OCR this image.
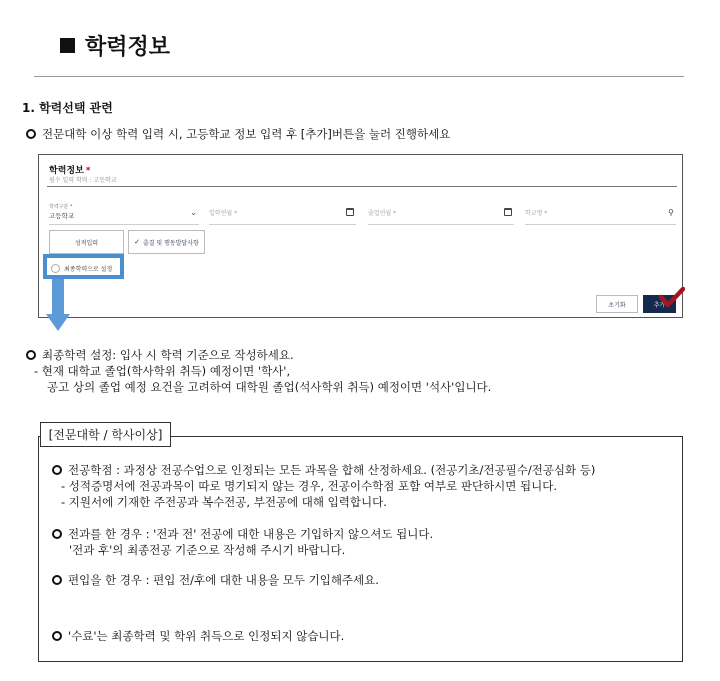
학력정보
1. 학력선택 관련
전문대학 이상 학력 입력 시, 고등학교 정보 입력 후 [추가]버튼을 눌러 진행하세요
학력정보 *
필수 입력 학력 : 고등학교
학력구분 *
고등학교	⌄ 입학연월 *	졸업연월 *	학교명 *	⚲
성적입력	✓ 출결 및 행동발달사항
최종학력으로 설정
초기화	추가
최종학력 설정: 입사 시 학력 기준으로 작성하세요.
- 현재 대학교 졸업(학사학위 취득) 예정이면 '학사',
공고 상의 졸업 예정 요건을 고려하여 대학원 졸업(석사학위 취득) 예정이면 '석사'입니다.
[전문대학 / 학사이상]
전공학점 : 과정상 전공수업으로 인정되는 모든 과목을 합해 산정하세요. (전공기초/전공필수/전공심화 등)
- 성적증명서에 전공과목이 따로 명기되지 않는 경우, 전공이수학점 포함 여부로 판단하시면 됩니다.
- 지원서에 기재한 주전공과 복수전공, 부전공에 대해 입력합니다.
전과를 한 경우 : '전과 전' 전공에 대한 내용은 기입하지 않으셔도 됩니다.
'전과 후'의 최종전공 기준으로 작성해 주시기 바랍니다.
편입을 한 경우 : 편입 전/후에 대한 내용을 모두 기입해주세요.
'수료'는 최종학력 및 학위 취득으로 인정되지 않습니다.
